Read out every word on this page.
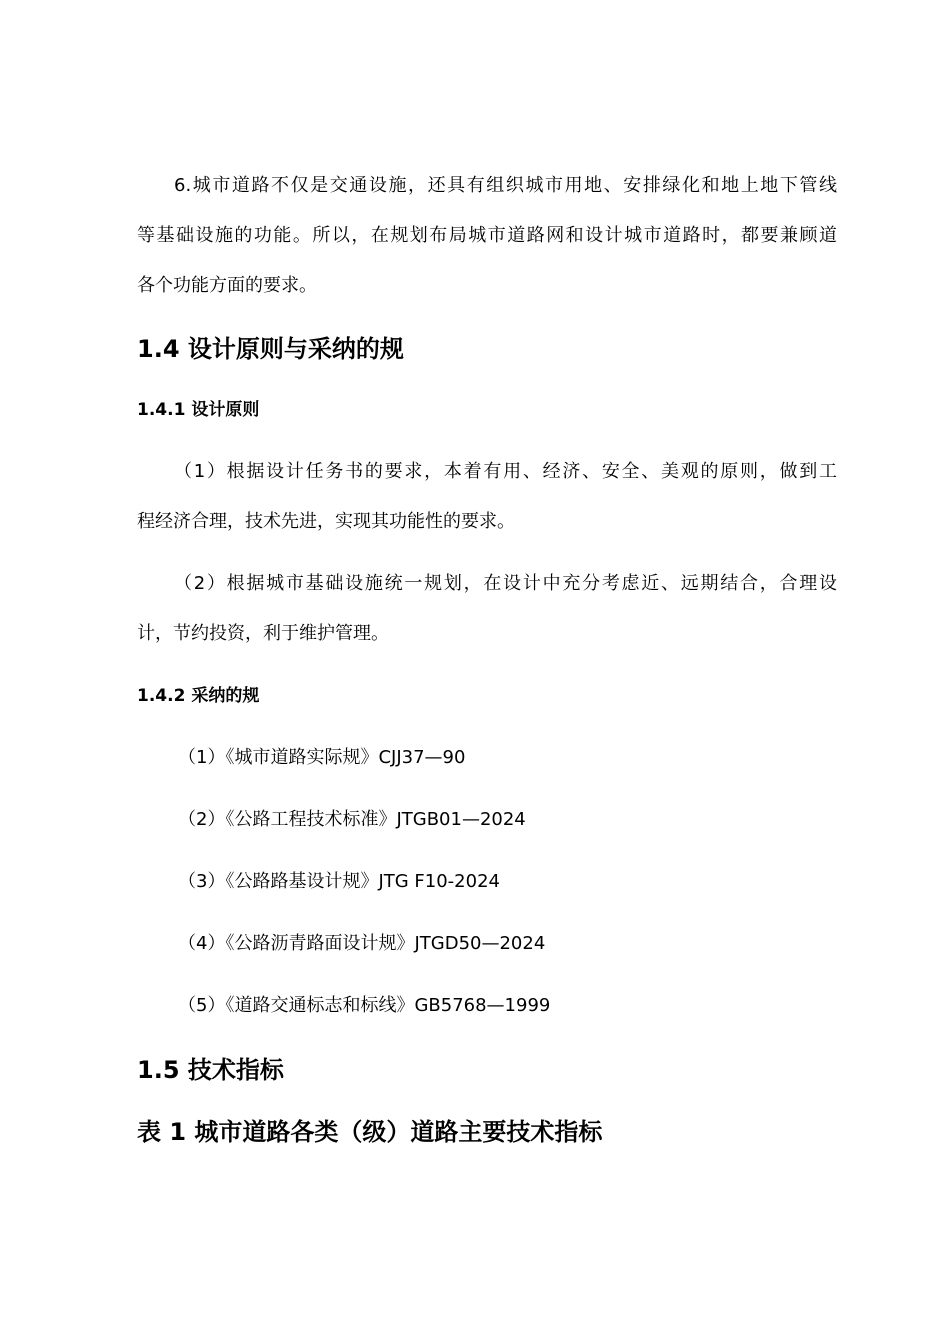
6.城市道路不仅是交通设施，还具有组织城市用地、安排绿化和地上地下管线
等基础设施的功能。所以，在规划布局城市道路网和设计城市道路时，都要兼顾道
各个功能方面的要求。
1.4 设计原则与采纳的规
1.4.1 设计原则
（1）根据设计任务书的要求，本着有用、经济、安全、美观的原则，做到工
程经济合理，技术先进，实现其功能性的要求。
（2）根据城市基础设施统一规划，在设计中充分考虑近、远期结合，合理设
计，节约投资，利于维护管理。
1.4.2 采纳的规
（1）《城市道路实际规》CJJ37—90
（2）《公路工程技术标准》JTGB01—2024
（3）《公路路基设计规》JTG F10-2024
（4）《公路沥青路面设计规》JTGD50—2024
（5）《道路交通标志和标线》GB5768—1999
1.5 技术指标
表 1 城市道路各类（级）道路主要技术指标
